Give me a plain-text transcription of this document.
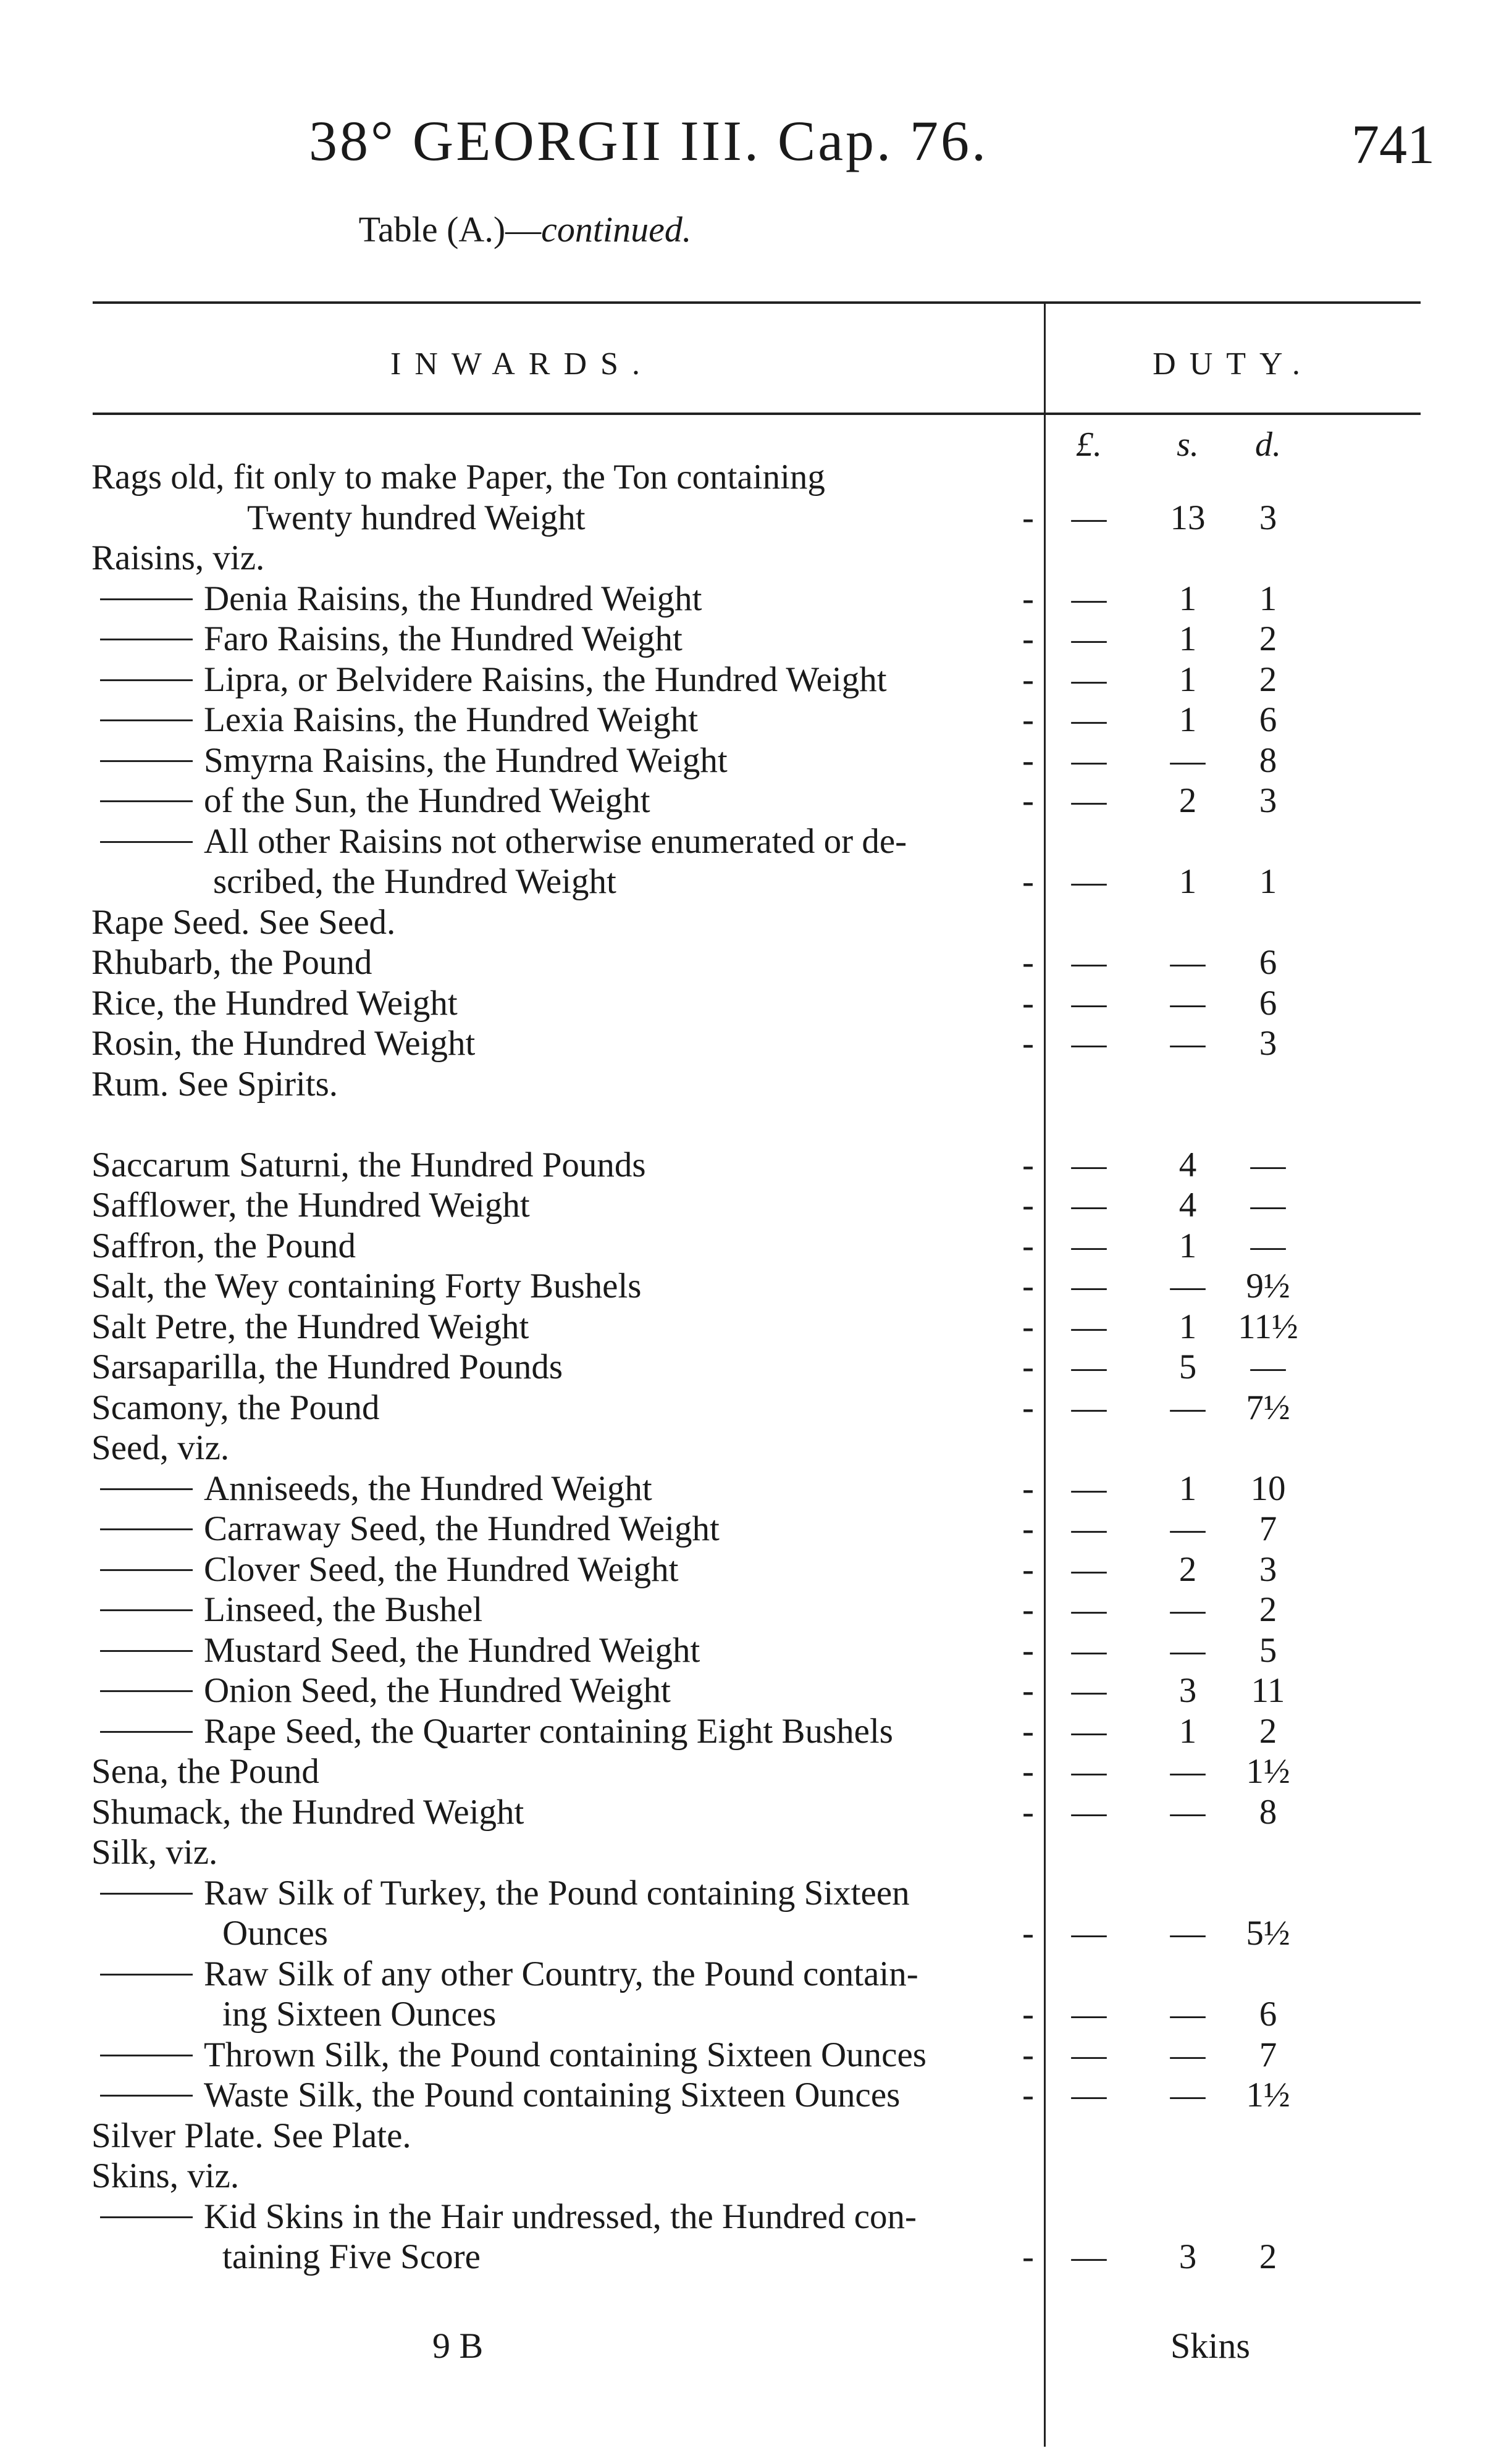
38° GEORGII III. Cap. 76.	741
Table (A.)—continued.
INWARDS.	DUTY.
£.	s.	d.
Rags old, fit only to make Paper, the Ton containing
Twenty hundred Weight	-	—	13	3
Raisins, viz.
Denia Raisins, the Hundred Weight	-	—	1	1
Faro Raisins, the Hundred Weight	-	—	1	2
Lipra, or Belvidere Raisins, the Hundred Weight	-	—	1	2
Lexia Raisins, the Hundred Weight	-	—	1	6
Smyrna Raisins, the Hundred Weight	-	—	—	8
of the Sun, the Hundred Weight	-	—	2	3
All other Raisins not otherwise enumerated or de-
scribed, the Hundred Weight	-	—	1	1
Rape Seed. See Seed.
Rhubarb, the Pound	-	—	—	6
Rice, the Hundred Weight	-	—	—	6
Rosin, the Hundred Weight	-	—	—	3
Rum. See Spirits.
Saccarum Saturni, the Hundred Pounds	-	—	4	—
Safflower, the Hundred Weight	-	—	4	—
Saffron, the Pound	-	—	1	—
Salt, the Wey containing Forty Bushels	-	—	—	9½
Salt Petre, the Hundred Weight	-	—	1	11½
Sarsaparilla, the Hundred Pounds	-	—	5	—
Scamony, the Pound	-	—	—	7½
Seed, viz.
Anniseeds, the Hundred Weight	-	—	1	10
Carraway Seed, the Hundred Weight	-	—	—	7
Clover Seed, the Hundred Weight	-	—	2	3
Linseed, the Bushel	-	—	—	2
Mustard Seed, the Hundred Weight	-	—	—	5
Onion Seed, the Hundred Weight	-	—	3	11
Rape Seed, the Quarter containing Eight Bushels	-	—	1	2
Sena, the Pound	-	—	—	1½
Shumack, the Hundred Weight	-	—	—	8
Silk, viz.
Raw Silk of Turkey, the Pound containing Sixteen
Ounces	-	—	—	5½
Raw Silk of any other Country, the Pound contain-
ing Sixteen Ounces	-	—	—	6
Thrown Silk, the Pound containing Sixteen Ounces	-	—	—	7
Waste Silk, the Pound containing Sixteen Ounces	-	—	—	1½
Silver Plate. See Plate.
Skins, viz.
Kid Skins in the Hair undressed, the Hundred con-
taining Five Score	-	—	3	2
9 B	Skins
